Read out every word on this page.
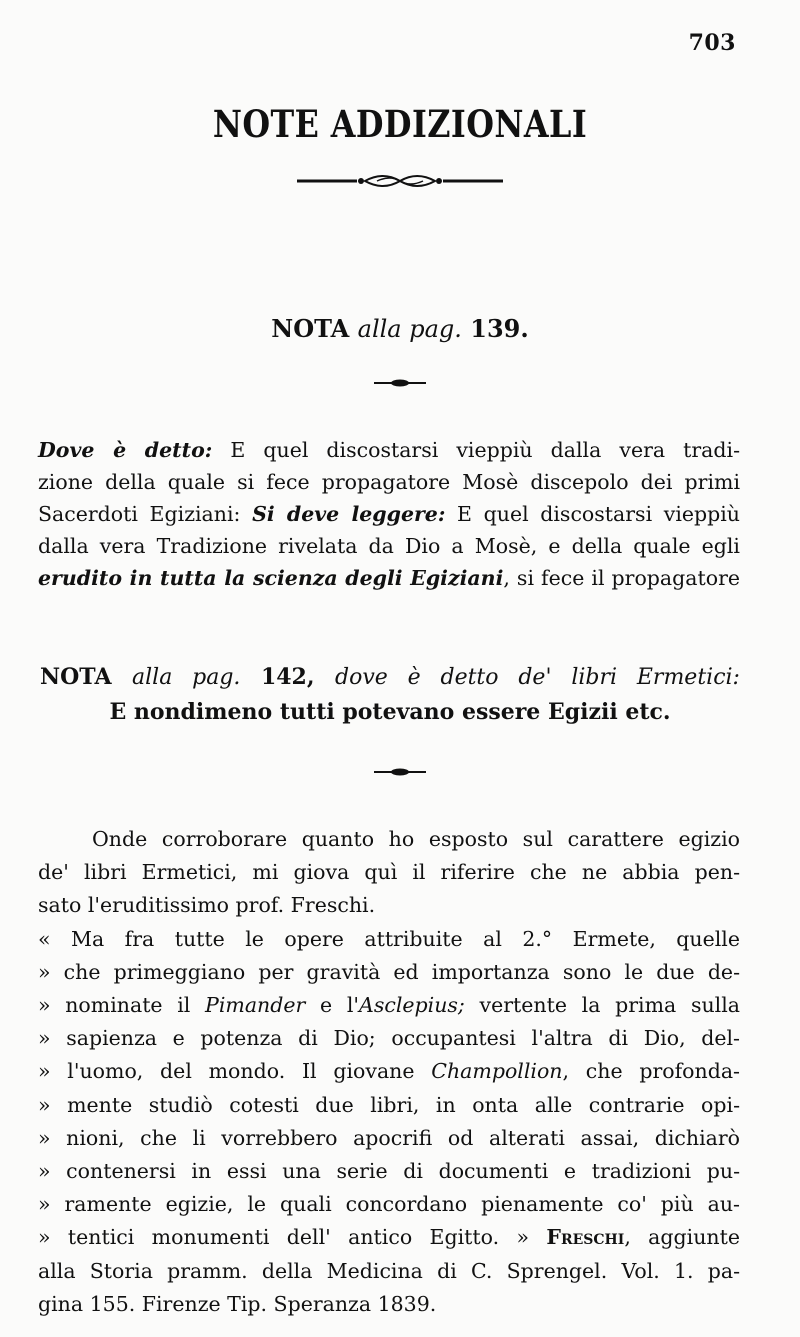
703
NOTE ADDIZIONALI
NOTA alla pag. 139.
Dove è detto: E quel discostarsi vieppiù dalla vera tradi-
zione della quale si fece propagatore Mosè discepolo dei primi
Sacerdoti Egiziani: Si deve leggere: E quel discostarsi vieppiù
dalla vera Tradizione rivelata da Dio a Mosè, e della quale egli
erudito in tutta la scienza degli Egiziani, si fece il propagatore
NOTA alla pag. 142, dove è detto de' libri Ermetici:
E nondimeno tutti potevano essere Egizii etc.
Onde corroborare quanto ho esposto sul carattere egizio
de' libri Ermetici, mi giova quì il riferire che ne abbia pen-
sato l'eruditissimo prof. Freschi.
« Ma fra tutte le opere attribuite al 2.° Ermete, quelle
» che primeggiano per gravità ed importanza sono le due de-
» nominate il Pimander e l'Asclepius; vertente la prima sulla
» sapienza e potenza di Dio; occupantesi l'altra di Dio, del-
» l'uomo, del mondo. Il giovane Champollion, che profonda-
» mente studiò cotesti due libri, in onta alle contrarie opi-
» nioni, che li vorrebbero apocrifi od alterati assai, dichiarò
» contenersi in essi una serie di documenti e tradizioni pu-
» ramente egizie, le quali concordano pienamente co' più au-
» tentici monumenti dell' antico Egitto. » Freschi, aggiunte
alla Storia pramm. della Medicina di C. Sprengel. Vol. 1. pa-
gina 155. Firenze Tip. Speranza 1839.
